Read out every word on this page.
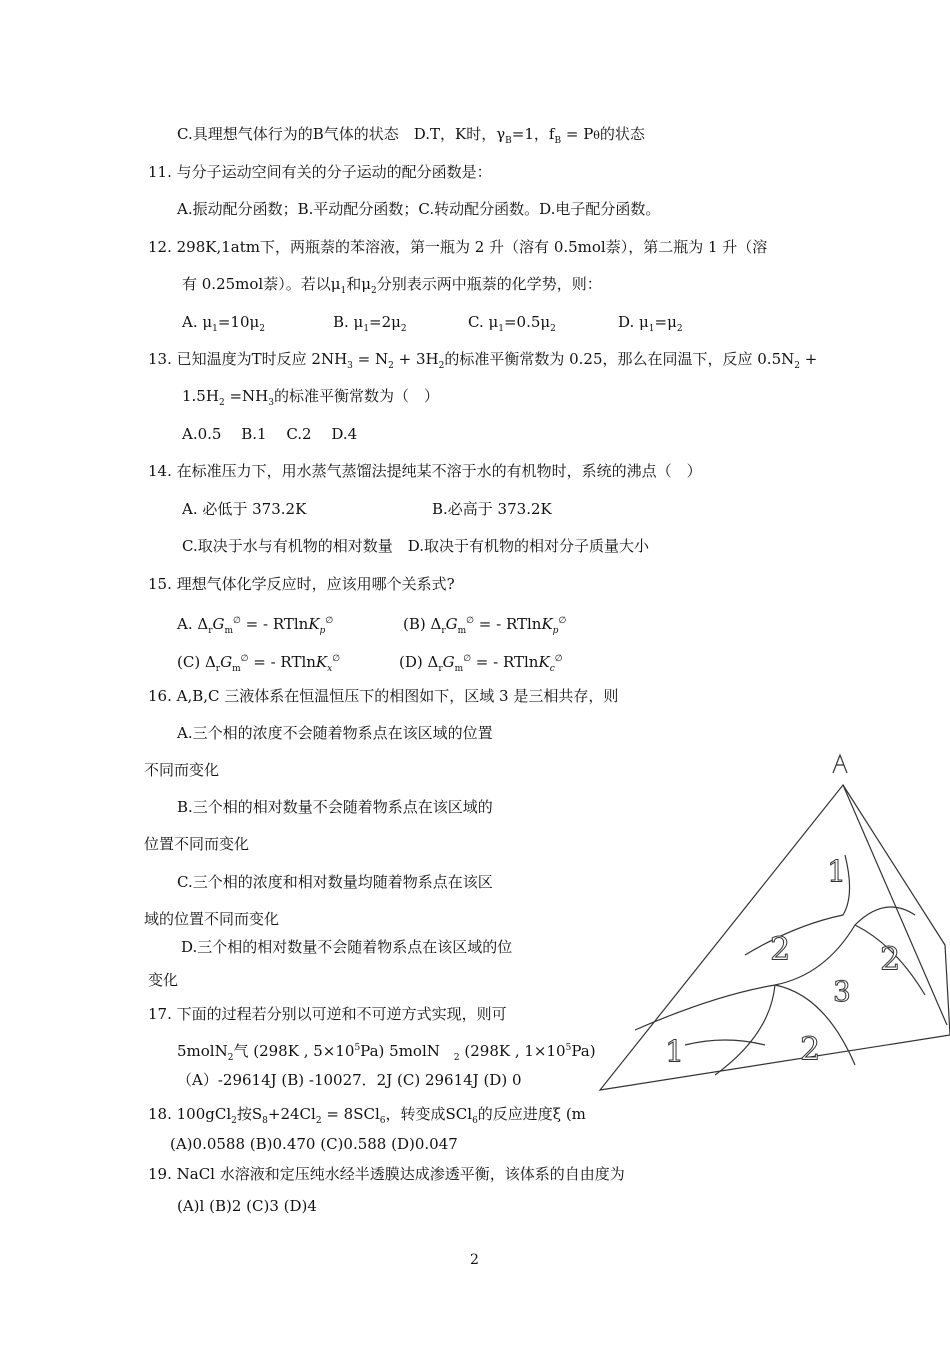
C.具理想气体行为的B气体的状态　D.T，K时，$\gamma_B=1$，$f_B = P\theta$的状态
11. 与分子运动空间有关的分子运动的配分函数是：
A.振动配分函数；B.平动配分函数；C.转动配分函数。D.电子配分函数。
12. 298K,1atm下，两瓶萘的苯溶液，第一瓶为 2 升（溶有 0.5mol萘），第二瓶为 1 升（溶
有 0.25mol萘）。若以$\mu_1$和$\mu_2$分别表示两中瓶萘的化学势，则：
A. $\mu_1=10\mu_2$	B. $\mu_1=2\mu_2$	C. $\mu_1=0.5\mu_2$	D. $\mu_1=\mu_2$
13. 已知温度为T时反应 $2NH_3 = N_2 + 3H_2$的标准平衡常数为 0.25，那么在同温下，反应 $0.5N_2$ +
$1.5H_2 =NH_3$的标准平衡常数为（　）
A.0.5　 B.1　 C.2　 D.4
14. 在标准压力下，用水蒸气蒸馏法提纯某不溶于水的有机物时，系统的沸点（　）
A. 必低于 373.2K	B.必高于 373.2K
C.取决于水与有机物的相对数量　D.取决于有机物的相对分子质量大小
15. 理想气体化学反应时，应该用哪个关系式?
A. $\Delta_rG_m^\emptyset$ = - RTlnK$_p$∅	(B) $\Delta_rG_m^\emptyset$ = - RTlnK$_p$∅
(C) $\Delta_rG_m^\emptyset$ = - RTlnK$_x$∅	(D) $\Delta_rG_m^\emptyset$ = - RTlnK$_c$∅
16. A,B,C 三液体系在恒温恒压下的相图如下，区域 3 是三相共存，则
A.三个相的浓度不会随着物系点在该区域的位置
不同而变化
B.三个相的相对数量不会随着物系点在该区域的
位置不同而变化
C.三个相的浓度和相对数量均随着物系点在该区
域的位置不同而变化
D.三个相的相对数量不会随着物系点在该区域的位
变化
17. 下面的过程若分别以可逆和不可逆方式实现，则可
5molN$_2$气 (298K , $5\times 10^5Pa$) 5molN $_2$ (298K , $1\times 10^5Pa$)
（A）-29614J (B) -10027．2J (C) 29614J (D) 0
18. 100gCl$_2$按$S_8+24Cl_2 = 8SCl_6$，转变成SCl$_6$的反应进度ξ (m
(A)0.0588 (B)0.470 (C)0.588 (D)0.047
19. NaCl 水溶液和定压纯水经半透膜达成渗透平衡，该体系的自由度为
(A)l (B)2 (C)3 (D)4
1
2
3
2
1	2
2
